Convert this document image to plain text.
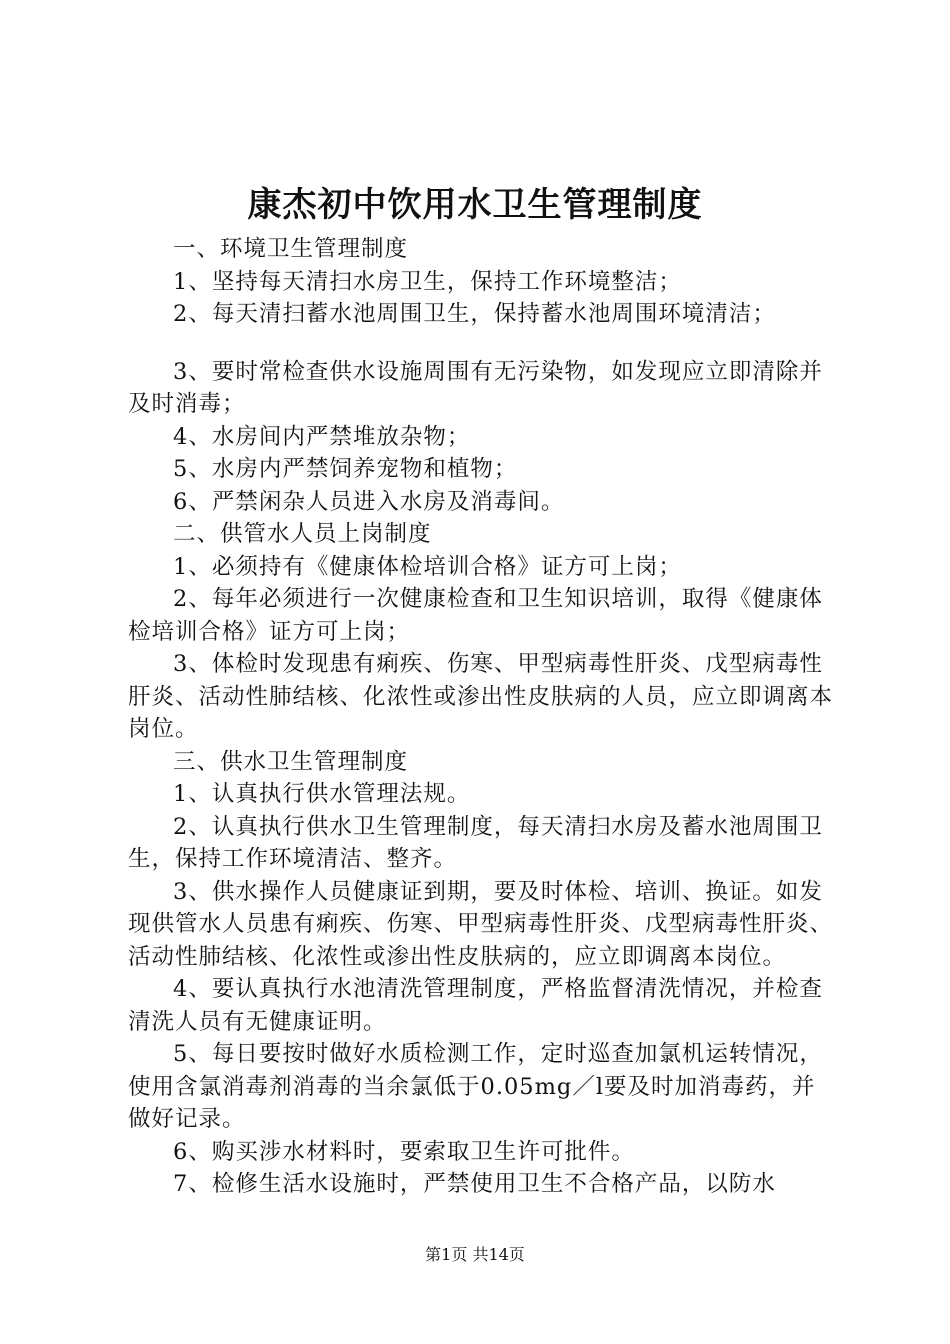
康杰初中饮用水卫生管理制度

一、环境卫生管理制度

1、坚持每天清扫水房卫生，保持工作环境整洁；

2、每天清扫蓄水池周围卫生，保持蓄水池周围环境清洁；

3、要时常检查供水设施周围有无污染物，如发现应立即清除并及时消毒；

4、水房间内严禁堆放杂物；

5、水房内严禁饲养宠物和植物；

6、严禁闲杂人员进入水房及消毒间。

二、供管水人员上岗制度

1、必须持有《健康体检培训合格》证方可上岗；

2、每年必须进行一次健康检查和卫生知识培训，取得《健康体检培训合格》证方可上岗；

3、体检时发现患有痢疾、伤寒、甲型病毒性肝炎、戊型病毒性肝炎、活动性肺结核、化浓性或渗出性皮肤病的人员，应立即调离本岗位。

三、供水卫生管理制度

1、认真执行供水管理法规。

2、认真执行供水卫生管理制度，每天清扫水房及蓄水池周围卫生，保持工作环境清洁、整齐。

3、供水操作人员健康证到期，要及时体检、培训、换证。如发现供管水人员患有痢疾、伤寒、甲型病毒性肝炎、戊型病毒性肝炎、活动性肺结核、化浓性或渗出性皮肤病的，应立即调离本岗位。

4、要认真执行水池清洗管理制度，严格监督清洗情况，并检查清洗人员有无健康证明。

5、每日要按时做好水质检测工作，定时巡查加氯机运转情况，使用含氯消毒剂消毒的当余氯低于0.05mg／l要及时加消毒药，并做好记录。

6、购买涉水材料时，要索取卫生许可批件。

7、检修生活水设施时，严禁使用卫生不合格产品，以防水

第1页 共14页
